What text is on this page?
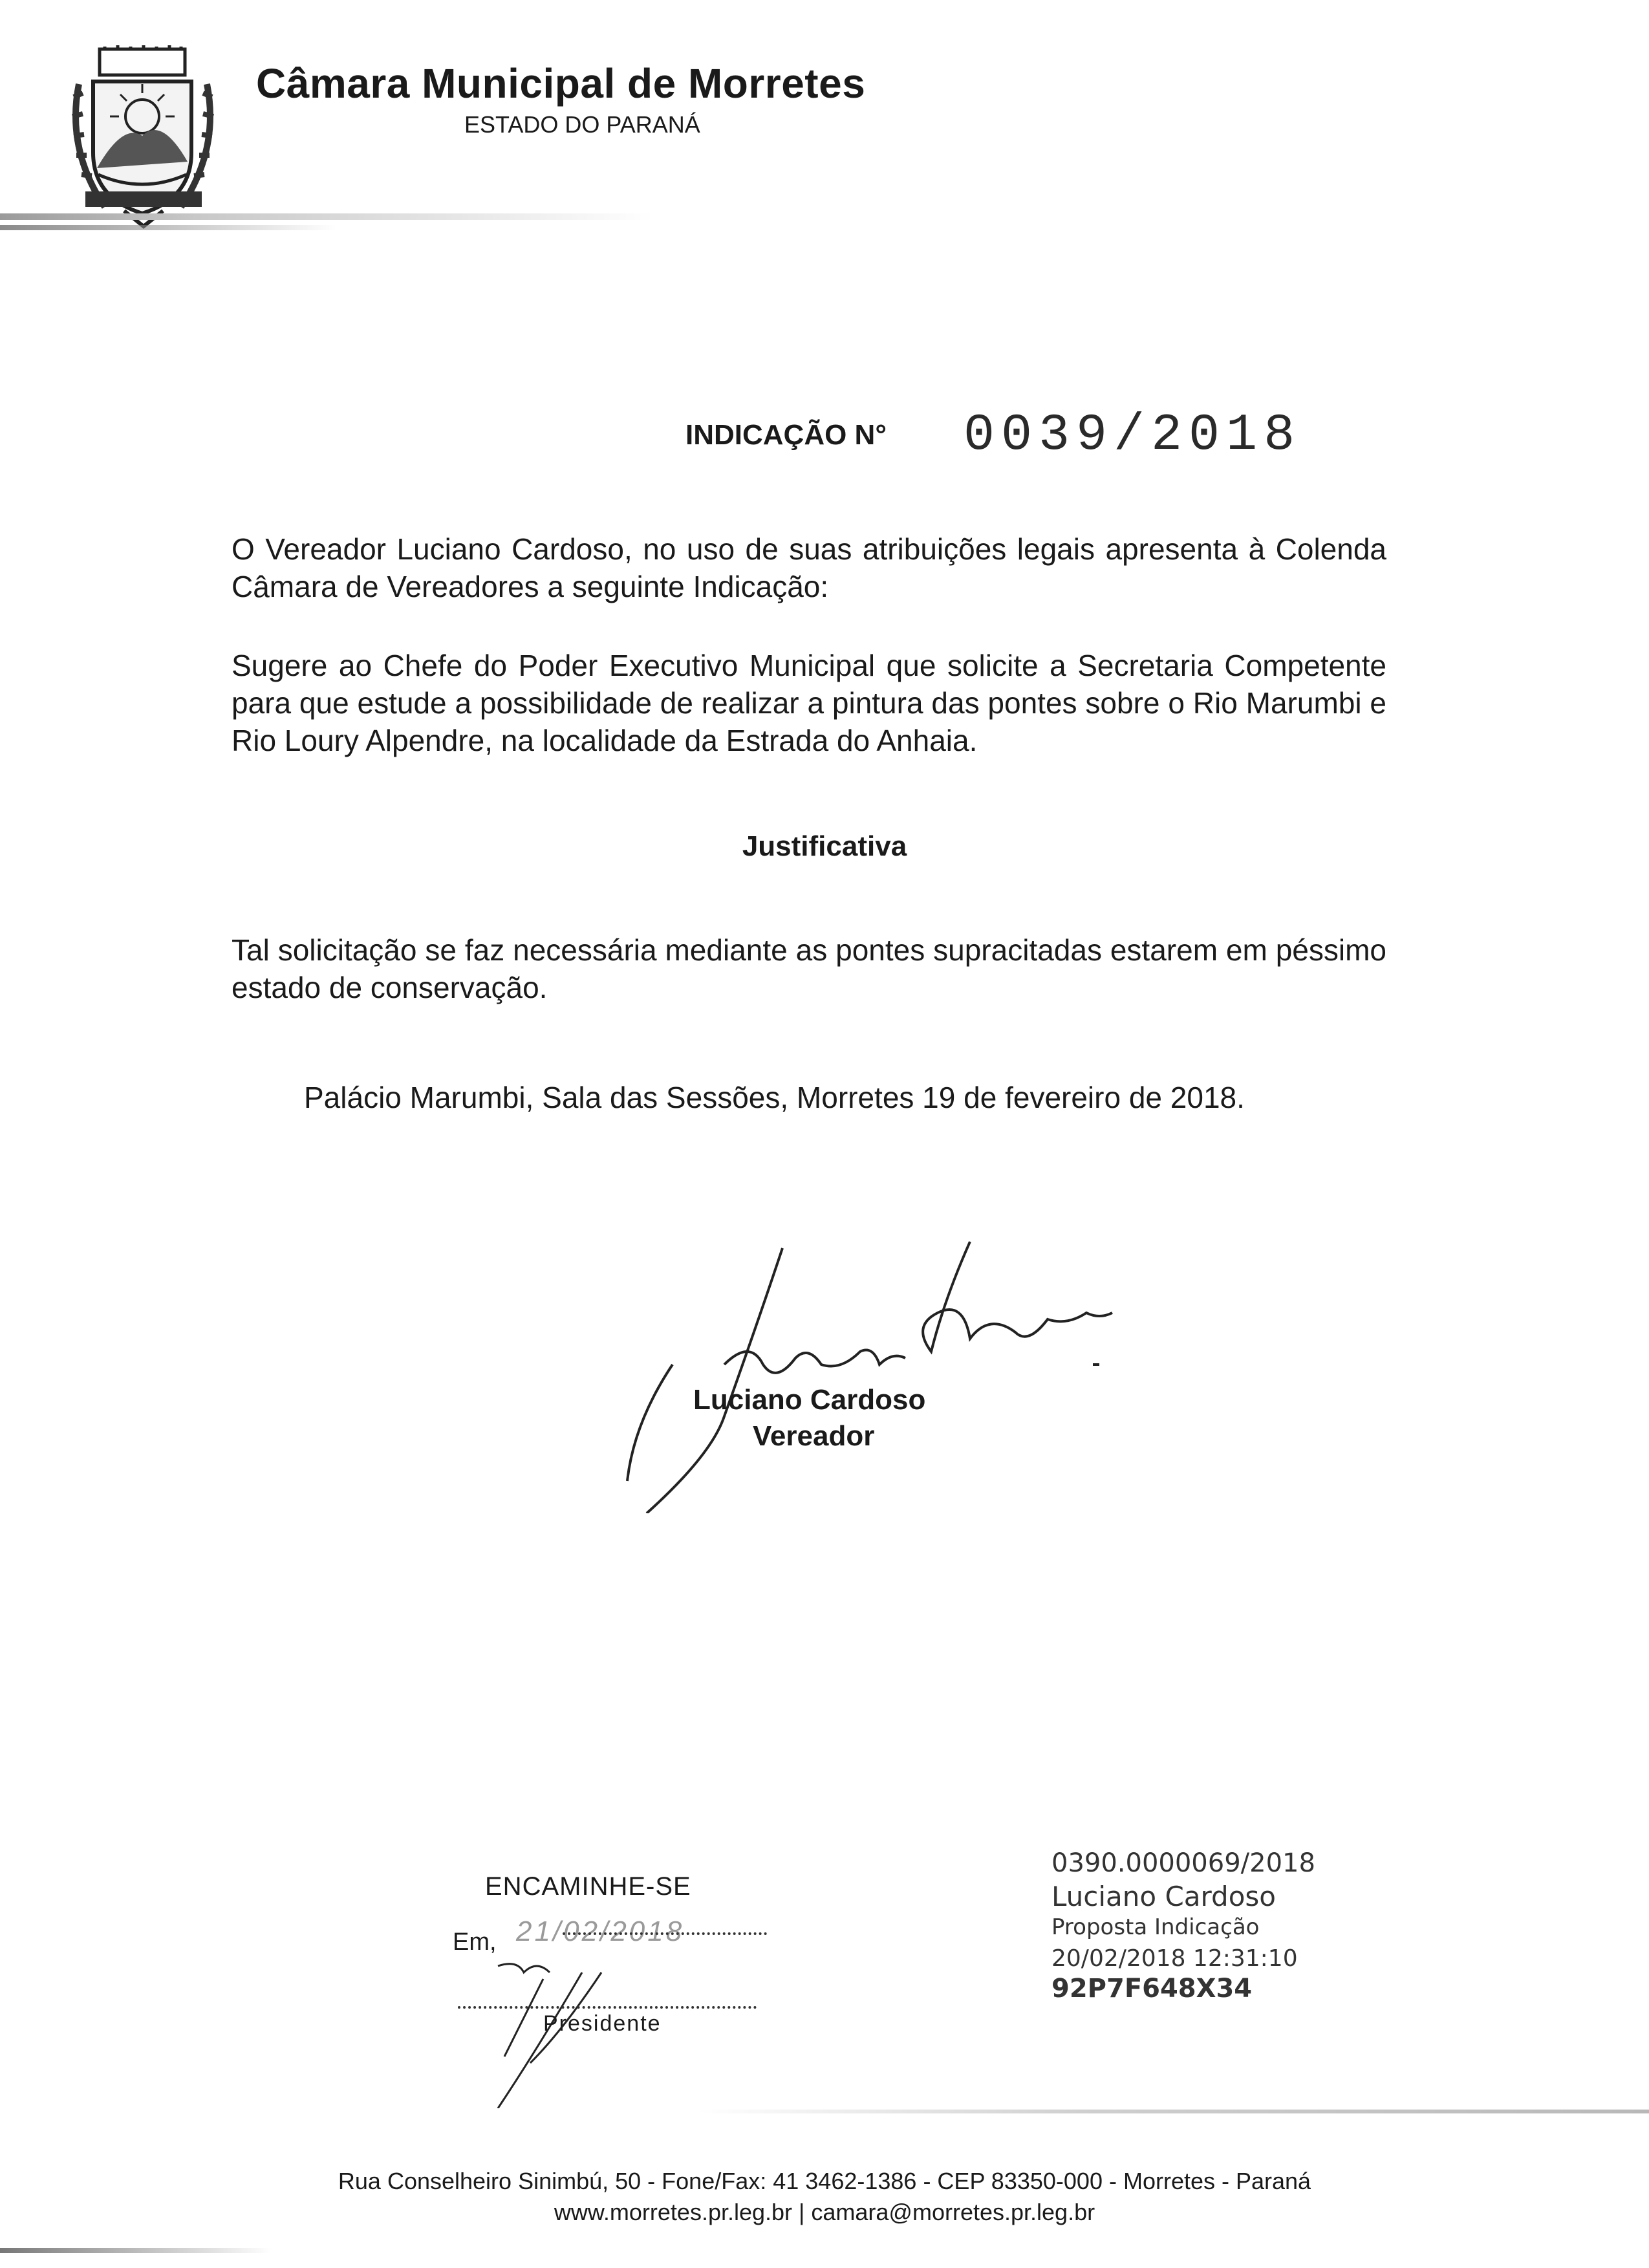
Câmara Municipal de Morretes
ESTADO DO PARANÁ
INDICAÇÃO N° 0039/2018
O Vereador Luciano Cardoso, no uso de suas atribuições legais apresenta à Colenda Câmara de Vereadores a seguinte Indicação:
Sugere ao Chefe do Poder Executivo Municipal que solicite a Secretaria Competente para que estude a possibilidade de realizar a pintura das pontes sobre o Rio Marumbi e Rio Loury Alpendre, na localidade da Estrada do Anhaia.
Justificativa
Tal solicitação se faz necessária mediante as pontes supracitadas estarem em péssimo estado de conservação.
Palácio Marumbi, Sala das Sessões, Morretes 19 de fevereiro de 2018.
Luciano Cardoso
Vereador
ENCAMINHE-SE
Em, 21/02/2018
Presidente
0390.0000069/2018
Luciano Cardoso
Proposta Indicação
20/02/2018 12:31:10
92P7F648X34
Rua Conselheiro Sinimbú, 50 - Fone/Fax: 41 3462-1386 - CEP 83350-000 - Morretes - Paraná
www.morretes.pr.leg.br | camara@morretes.pr.leg.br
